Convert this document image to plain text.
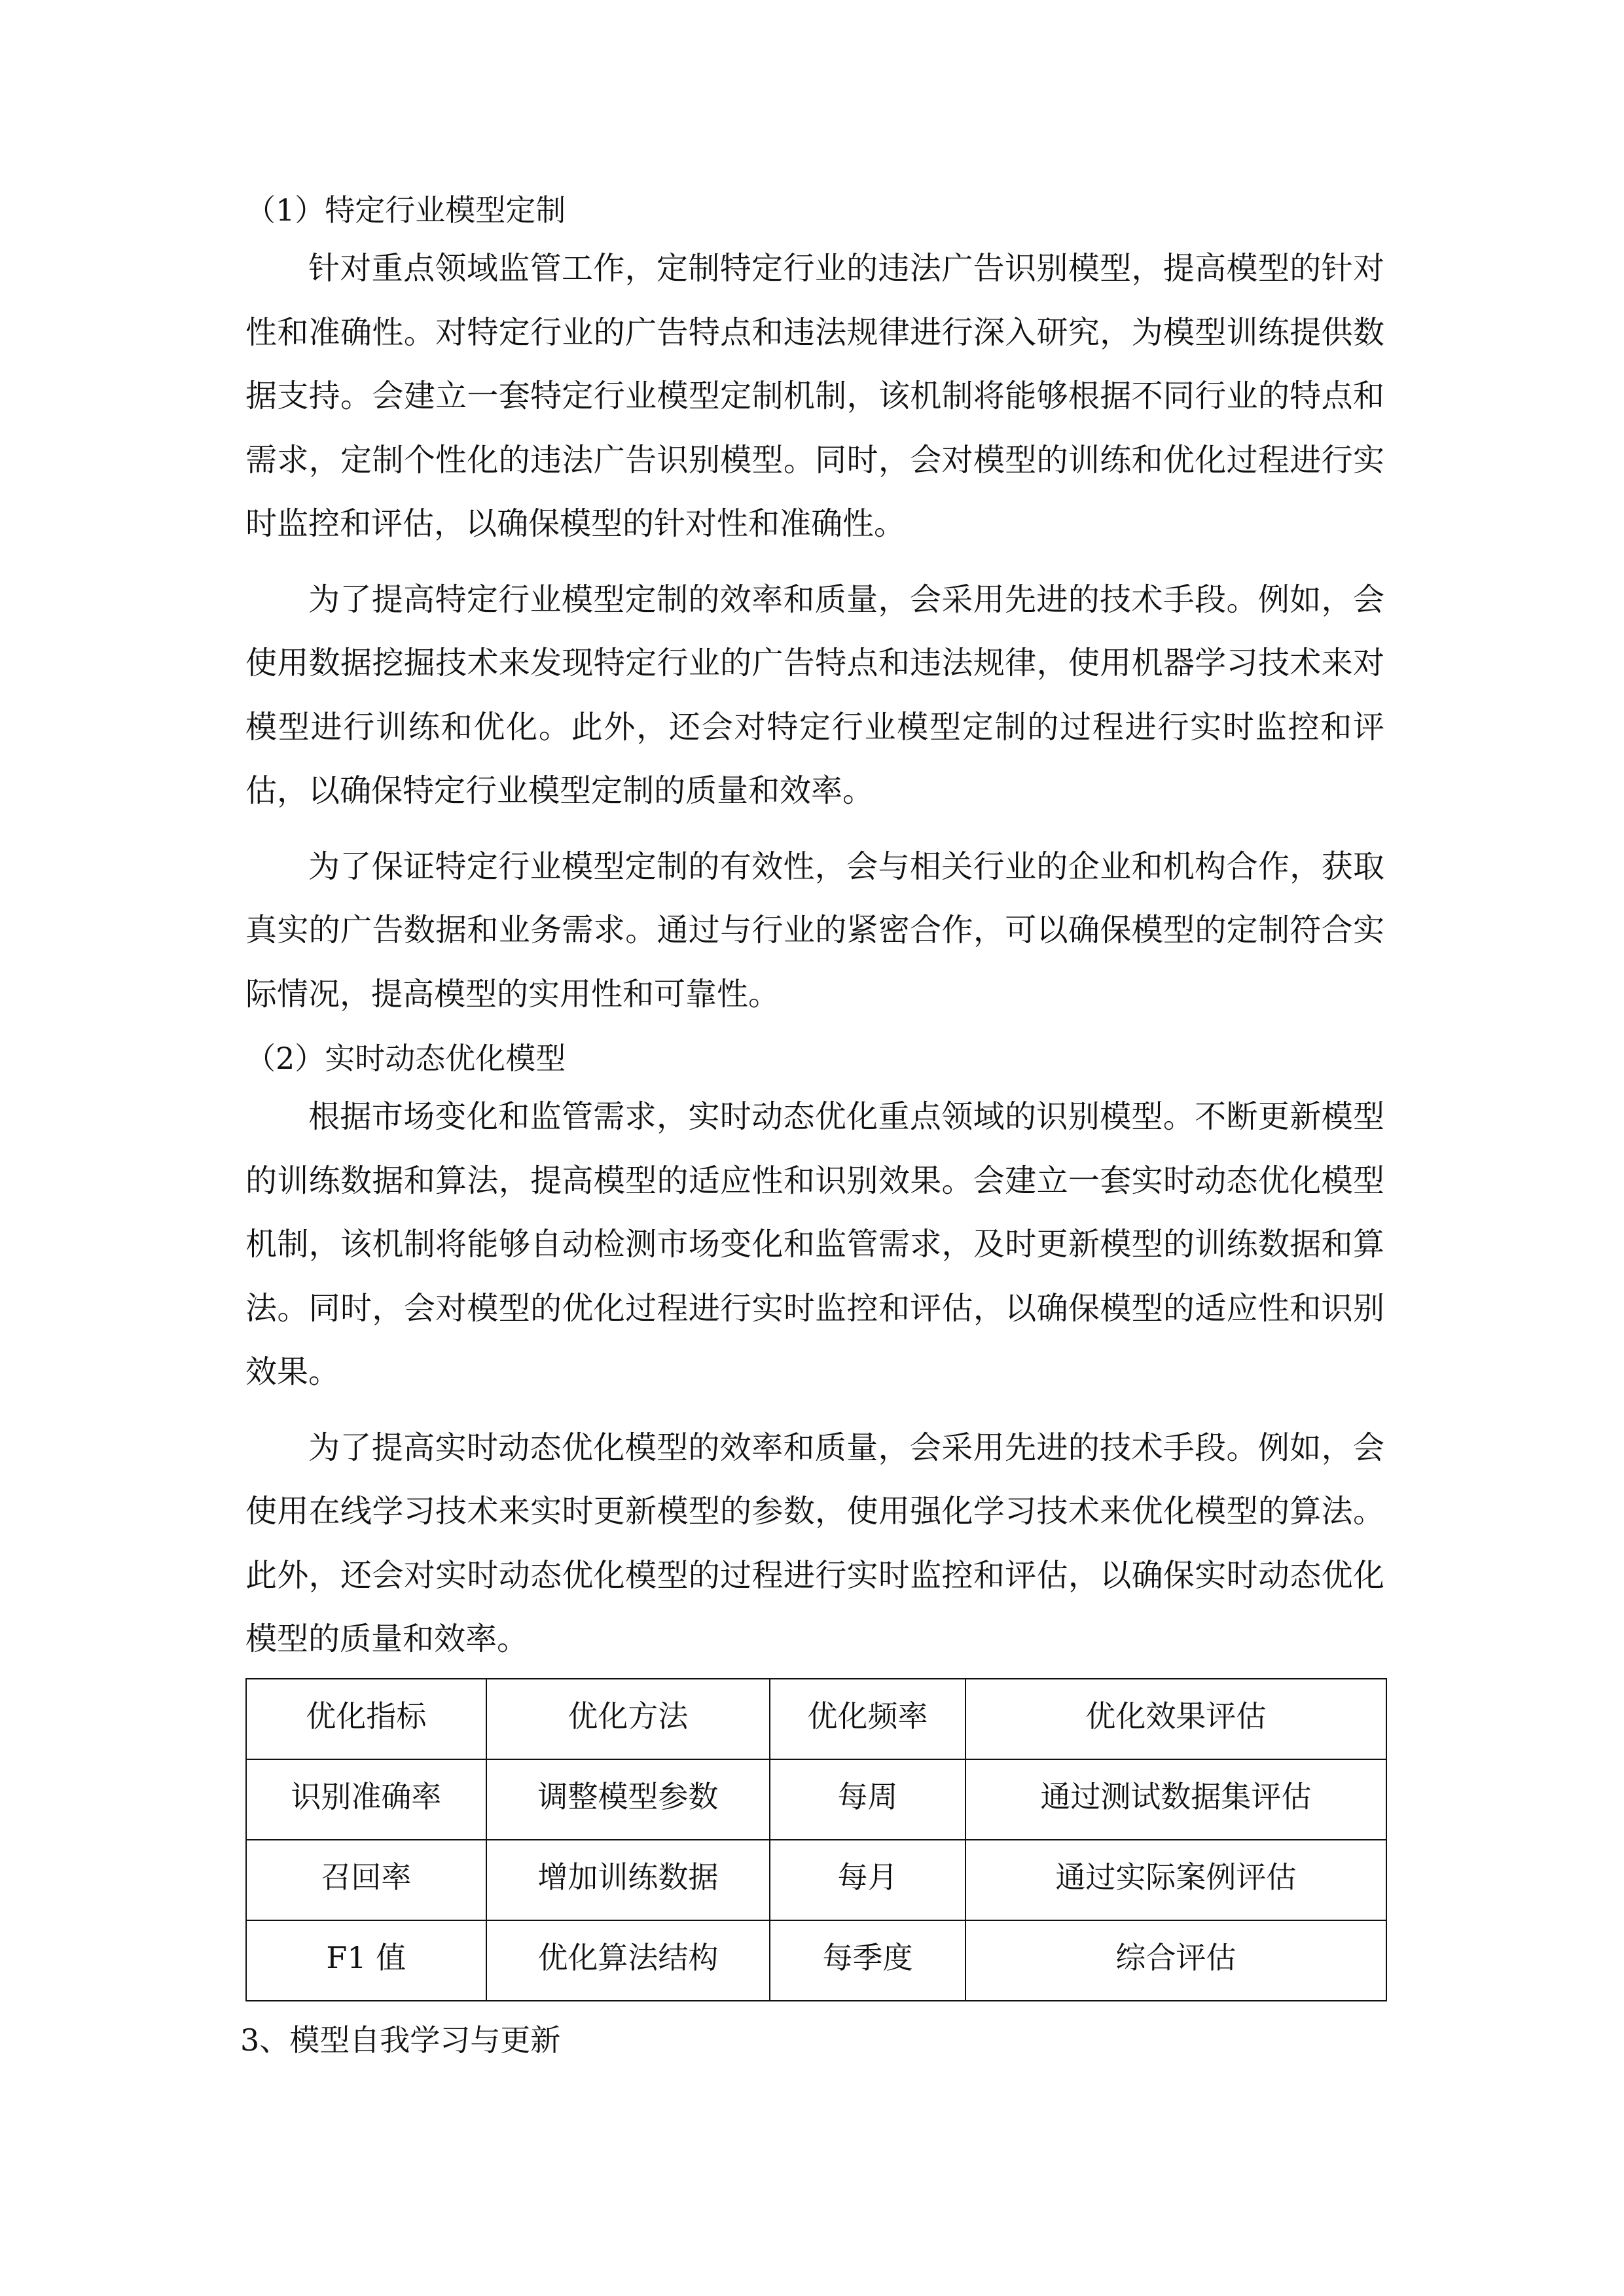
（1）特定行业模型定制

针对重点领域监管工作，定制特定行业的违法广告识别模型，提高模型的针对性和准确性。对特定行业的广告特点和违法规律进行深入研究，为模型训练提供数据支持。会建立一套特定行业模型定制机制，该机制将能够根据不同行业的特点和需求，定制个性化的违法广告识别模型。同时，会对模型的训练和优化过程进行实时监控和评估，以确保模型的针对性和准确性。

为了提高特定行业模型定制的效率和质量，会采用先进的技术手段。例如，会使用数据挖掘技术来发现特定行业的广告特点和违法规律，使用机器学习技术来对模型进行训练和优化。此外，还会对特定行业模型定制的过程进行实时监控和评估，以确保特定行业模型定制的质量和效率。

为了保证特定行业模型定制的有效性，会与相关行业的企业和机构合作，获取真实的广告数据和业务需求。通过与行业的紧密合作，可以确保模型的定制符合实际情况，提高模型的实用性和可靠性。

（2）实时动态优化模型

根据市场变化和监管需求，实时动态优化重点领域的识别模型。不断更新模型的训练数据和算法，提高模型的适应性和识别效果。会建立一套实时动态优化模型机制，该机制将能够自动检测市场变化和监管需求，及时更新模型的训练数据和算法。同时，会对模型的优化过程进行实时监控和评估，以确保模型的适应性和识别效果。

为了提高实时动态优化模型的效率和质量，会采用先进的技术手段。例如，会使用在线学习技术来实时更新模型的参数，使用强化学习技术来优化模型的算法。此外，还会对实时动态优化模型的过程进行实时监控和评估，以确保实时动态优化模型的质量和效率。

优化指标	优化方法	优化频率	优化效果评估
识别准确率	调整模型参数	每周	通过测试数据集评估
召回率	增加训练数据	每月	通过实际案例评估
F1 值	优化算法结构	每季度	综合评估
3、模型自我学习与更新
